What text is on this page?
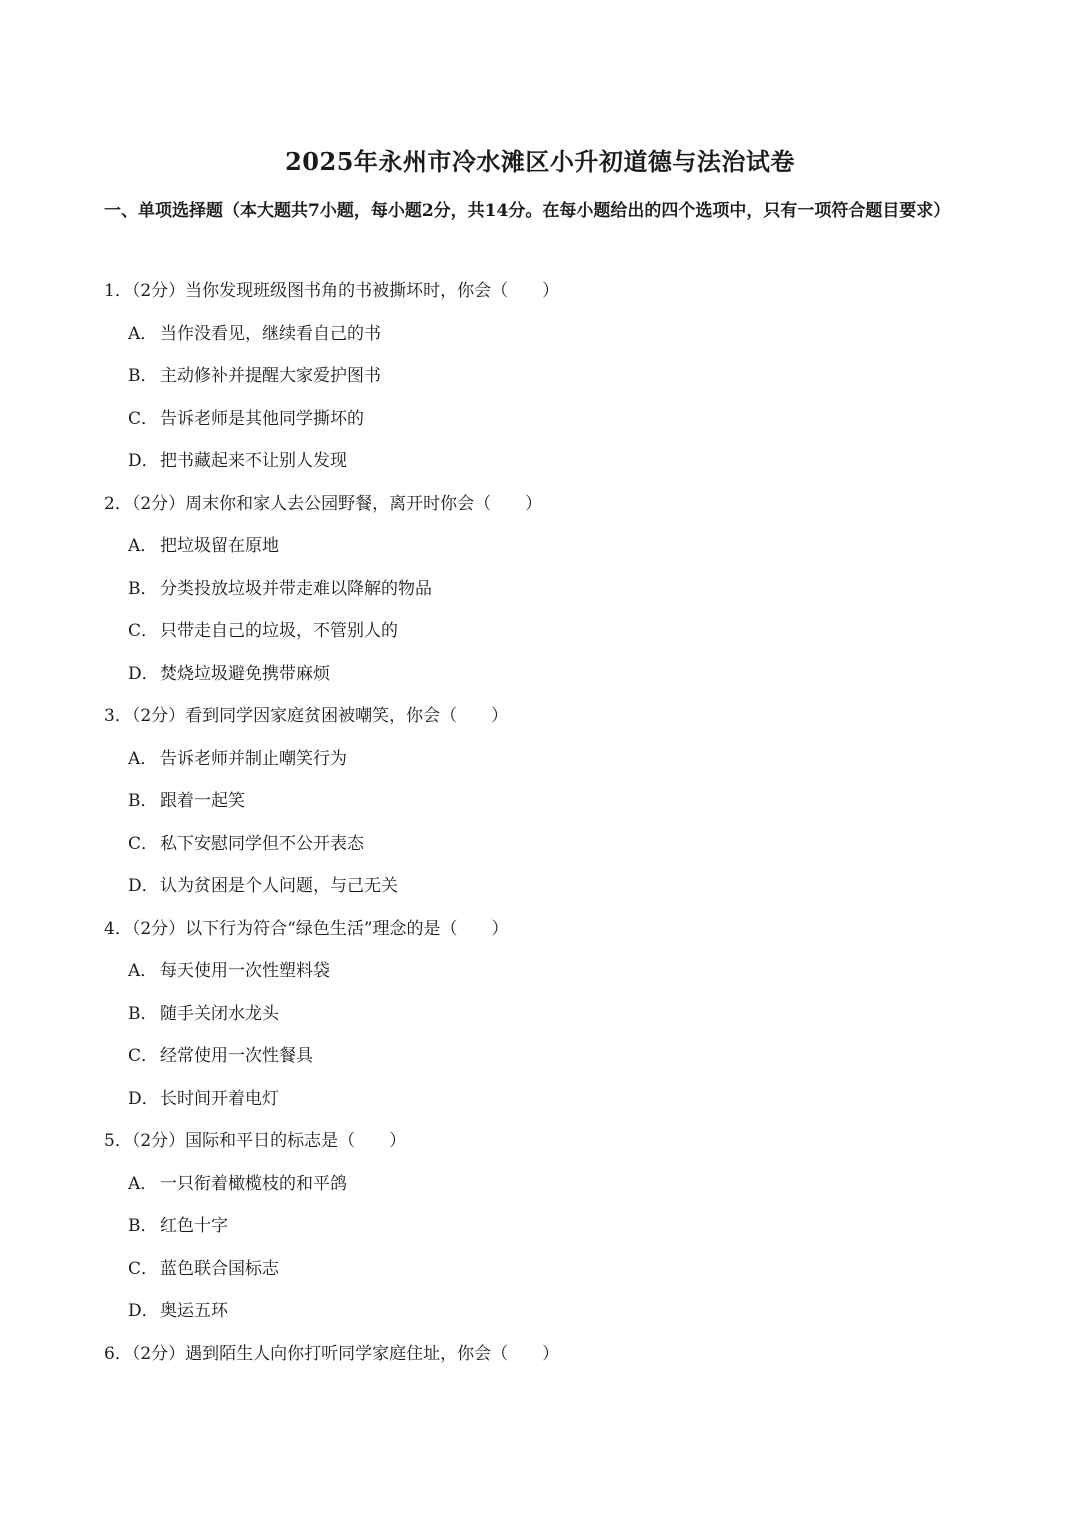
2025年永州市冷水滩区小升初道德与法治试卷
一、单项选择题（本大题共7小题，每小题2分，共14分。在每小题给出的四个选项中，只有一项符合题目要求）
1．（2分）当你发现班级图书角的书被撕坏时，你会（　　）
A． 当作没看见，继续看自己的书
B． 主动修补并提醒大家爱护图书
C． 告诉老师是其他同学撕坏的
D．把书藏起来不让别人发现
2．（2分）周末你和家人去公园野餐，离开时你会（　　）
A． 把垃圾留在原地
B． 分类投放垃圾并带走难以降解的物品
C． 只带走自己的垃圾，不管别人的
D．焚烧垃圾避免携带麻烦
3．（2分）看到同学因家庭贫困被嘲笑，你会（　　）
A． 告诉老师并制止嘲笑行为
B． 跟着一起笑
C． 私下安慰同学但不公开表态
D．认为贫困是个人问题，与己无关
4．（2分）以下行为符合“绿色生活”理念的是（　　）
A． 每天使用一次性塑料袋
B． 随手关闭水龙头
C． 经常使用一次性餐具
D．长时间开着电灯
5．（2分）国际和平日的标志是（　　）
A． 一只衔着橄榄枝的和平鸽
B． 红色十字
C． 蓝色联合国标志
D．奥运五环
6．（2分）遇到陌生人向你打听同学家庭住址，你会（　　）
